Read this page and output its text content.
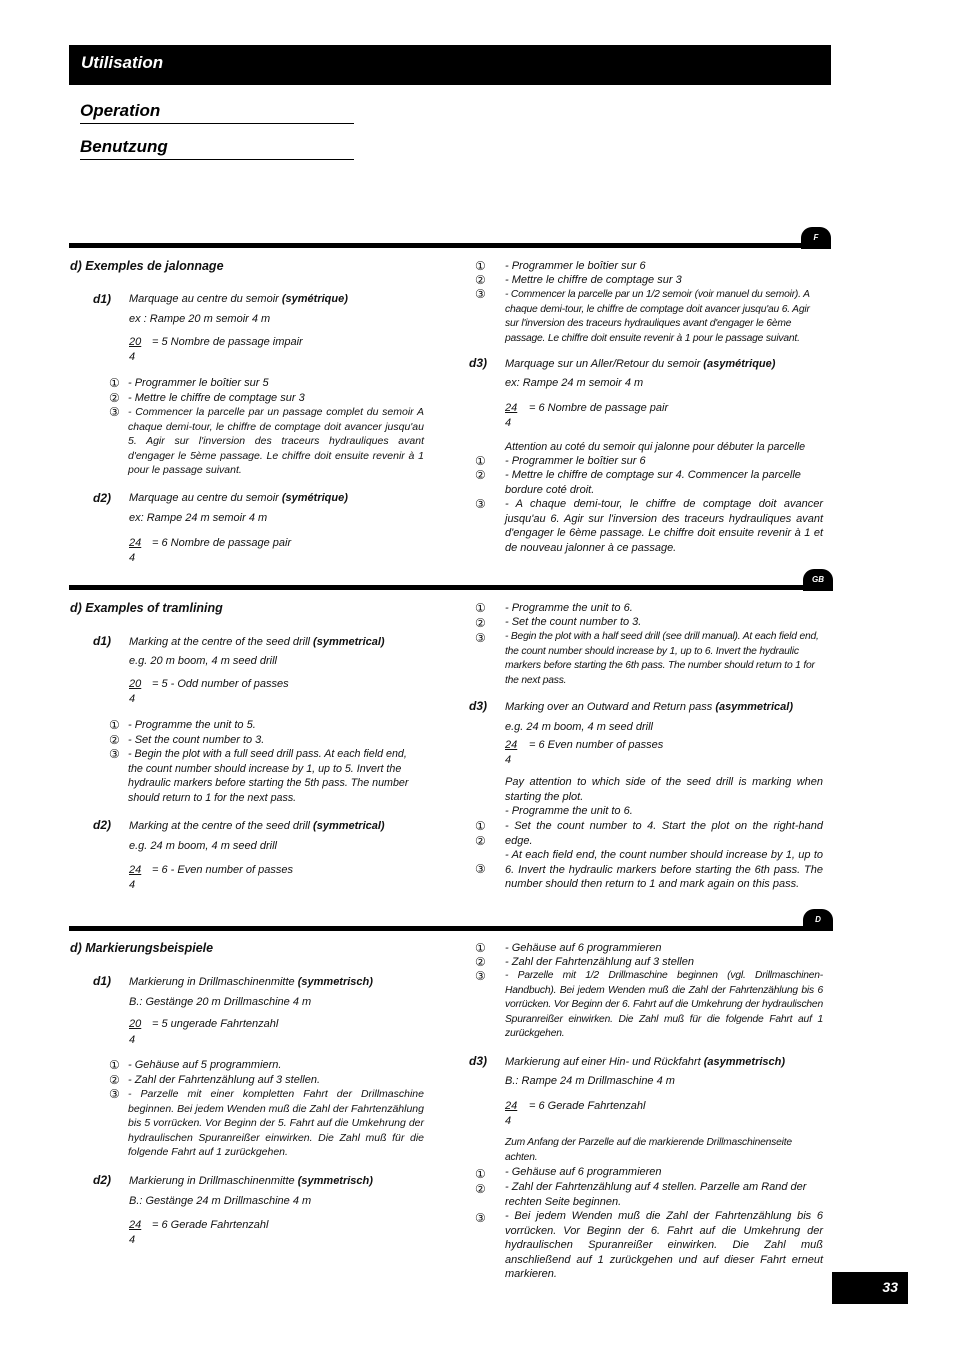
Utilisation
Operation
Benutzung
F
d) Exemples de jalonnage
d1) Marquage au centre du semoir (symétrique)
ex : Rampe 20 m semoir 4 m
20 = 5 Nombre de passage impair
4
① - Programmer le boîtier sur 5
② - Mettre le chiffre de comptage sur 3
③ - Commencer la parcelle par un passage complet du semoir A chaque demi-tour, le chiffre de comptage doit avancer jusqu'au 5. Agir sur l'inversion des traceurs hydrauliques avant d'engager le 5ème passage. Le chiffre doit ensuite revenir à 1 pour le passage suivant.
d2) Marquage au centre du semoir (symétrique)
ex: Rampe 24 m semoir 4 m
24 = 6 Nombre de passage pair
4
① - Programmer le boîtier sur 6
② - Mettre le chiffre de comptage sur 3
③ - Commencer la parcelle par un 1/2 semoir (voir manuel du semoir). A chaque demi-tour, le chiffre de comptage doit avancer jusqu'au 6. Agir sur l'inversion des traceurs hydrauliques avant d'engager le 6ème passage. Le chiffre doit ensuite revenir à 1 pour le passage suivant.
d3) Marquage sur un Aller/Retour du semoir (asymétrique)
ex: Rampe 24 m semoir 4 m
24 = 6 Nombre de passage pair
4
Attention au coté du semoir qui jalonne pour débuter la parcelle
① - Programmer le boîtier sur 6
② - Mettre le chiffre de comptage sur 4. Commencer la parcelle bordure coté droit.
③ - A chaque demi-tour, le chiffre de comptage doit avancer jusqu'au 6. Agir sur l'inversion des traceurs hydrauliques avant d'engager le 6ème passage. Le chiffre doit ensuite revenir à 1 et de nouveau jalonner à ce passage.
GB
d) Examples of tramlining
d1) Marking at the centre of the seed drill (symmetrical)
e.g. 20 m boom, 4 m seed drill
20 = 5 - Odd number of passes
4
① - Programme the unit to 5.
② - Set the count number to 3.
③ - Begin the plot with a full seed drill pass. At each field end, the count number should increase by 1, up to 5. Invert the hydraulic markers before starting the 5th pass. The number should return to 1 for the next pass.
d2) Marking at the centre of the seed drill (symmetrical)
e.g. 24 m boom, 4 m seed drill
24 = 6 - Even number of passes
4
① - Programme the unit to 6.
② - Set the count number to 3.
③ - Begin the plot with a half seed drill (see drill manual). At each field end, the count number should increase by 1, up to 6. Invert the hydraulic markers before starting the 6th pass. The number should return to 1 for the next pass.
d3) Marking over an Outward and Return pass (asymmetrical)
e.g. 24 m boom, 4 m seed drill
24 = 6 Even number of passes
4
Pay attention to which side of the seed drill is marking when starting the plot.
- Programme the unit to 6.
①
②
- Set the count number to 4. Start the plot on the right-hand edge.
③
- At each field end, the count number should increase by 1, up to 6. Invert the hydraulic markers before starting the 6th pass. The number should then return to 1 and mark again on this pass.
D
d) Markierungsbeispiele
d1) Markierung in Drillmaschinenmitte (symmetrisch)
B.: Gestänge 20 m Drillmaschine 4 m
20 = 5 ungerade Fahrtenzahl
4
① - Gehäuse auf 5 programmiern.
② - Zahl der Fahrtenzählung auf 3 stellen.
③ - Parzelle mit einer kompletten Fahrt der Drillmaschine beginnen. Bei jedem Wenden muß die Zahl der Fahrtenzählung bis 5 vorrücken. Vor Beginn der 5. Fahrt auf die Umkehrung der hydraulischen Spuranreißer einwirken. Die Zahl muß für die folgende Fahrt auf 1 zurückgehen.
d2) Markierung in Drillmaschinenmitte (symmetrisch)
B.: Gestänge 24 m Drillmaschine 4 m
24 = 6 Gerade Fahrtenzahl
4
① - Gehäuse auf 6 programmieren
② - Zahl der Fahrtenzählung auf 3 stellen
③ - Parzelle mit 1/2 Drillmaschine beginnen (vgl. Drillmaschinen-Handbuch). Bei jedem Wenden muß die Zahl der Fahrtenzählung bis 6 vorrücken. Vor Beginn der 6. Fahrt auf die Umkehrung der hydraulischen Spuranreißer einwirken. Die Zahl muß für die folgende Fahrt auf 1 zurückgehen.
d3) Markierung auf einer Hin- und Rückfahrt (asymmetrisch)
B.: Rampe 24 m Drillmaschine 4 m
24 = 6 Gerade Fahrtenzahl
4
Zum Anfang der Parzelle auf die markierende Drillmaschinenseite achten.
① - Gehäuse auf 6 programmieren
② - Zahl der Fahrtenzählung auf 4 stellen. Parzelle am Rand der rechten Seite beginnen.
③ - Bei jedem Wenden muß die Zahl der Fahrtenzählung bis 6 vorrücken. Vor Beginn der 6. Fahrt auf die Umkehrung der hydraulischen Spuranreißer einwirken. Die Zahl muß anschließend auf 1 zurückgehen und auf dieser Fahrt erneut markieren.
33
